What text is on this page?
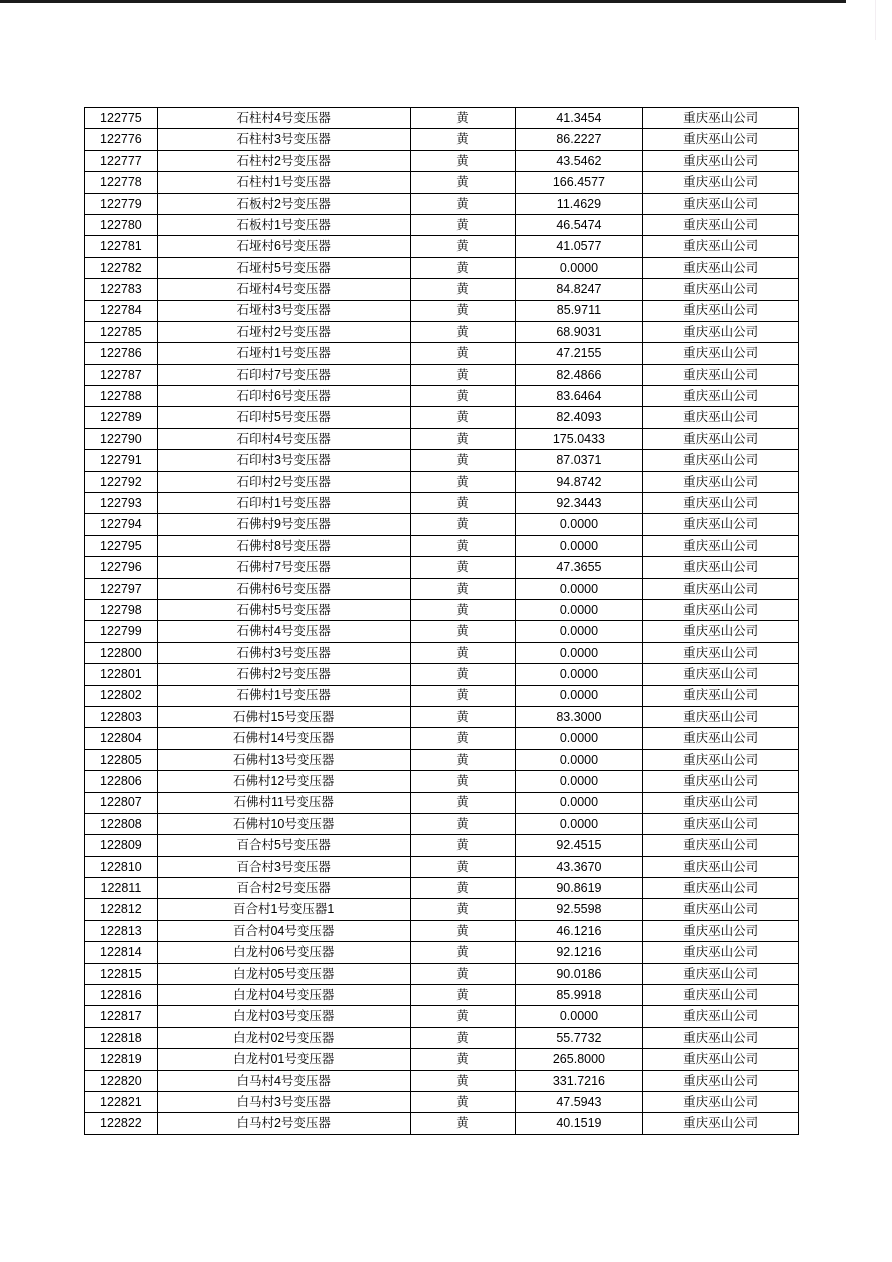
122775	石柱村4号变压器	黄	41.3454	重庆巫山公司
122776	石柱村3号变压器	黄	86.2227	重庆巫山公司
122777	石柱村2号变压器	黄	43.5462	重庆巫山公司
122778	石柱村1号变压器	黄	166.4577	重庆巫山公司
122779	石板村2号变压器	黄	11.4629	重庆巫山公司
122780	石板村1号变压器	黄	46.5474	重庆巫山公司
122781	石垭村6号变压器	黄	41.0577	重庆巫山公司
122782	石垭村5号变压器	黄	0.0000	重庆巫山公司
122783	石垭村4号变压器	黄	84.8247	重庆巫山公司
122784	石垭村3号变压器	黄	85.9711	重庆巫山公司
122785	石垭村2号变压器	黄	68.9031	重庆巫山公司
122786	石垭村1号变压器	黄	47.2155	重庆巫山公司
122787	石印村7号变压器	黄	82.4866	重庆巫山公司
122788	石印村6号变压器	黄	83.6464	重庆巫山公司
122789	石印村5号变压器	黄	82.4093	重庆巫山公司
122790	石印村4号变压器	黄	175.0433	重庆巫山公司
122791	石印村3号变压器	黄	87.0371	重庆巫山公司
122792	石印村2号变压器	黄	94.8742	重庆巫山公司
122793	石印村1号变压器	黄	92.3443	重庆巫山公司
122794	石佛村9号变压器	黄	0.0000	重庆巫山公司
122795	石佛村8号变压器	黄	0.0000	重庆巫山公司
122796	石佛村7号变压器	黄	47.3655	重庆巫山公司
122797	石佛村6号变压器	黄	0.0000	重庆巫山公司
122798	石佛村5号变压器	黄	0.0000	重庆巫山公司
122799	石佛村4号变压器	黄	0.0000	重庆巫山公司
122800	石佛村3号变压器	黄	0.0000	重庆巫山公司
122801	石佛村2号变压器	黄	0.0000	重庆巫山公司
122802	石佛村1号变压器	黄	0.0000	重庆巫山公司
122803	石佛村15号变压器	黄	83.3000	重庆巫山公司
122804	石佛村14号变压器	黄	0.0000	重庆巫山公司
122805	石佛村13号变压器	黄	0.0000	重庆巫山公司
122806	石佛村12号变压器	黄	0.0000	重庆巫山公司
122807	石佛村11号变压器	黄	0.0000	重庆巫山公司
122808	石佛村10号变压器	黄	0.0000	重庆巫山公司
122809	百合村5号变压器	黄	92.4515	重庆巫山公司
122810	百合村3号变压器	黄	43.3670	重庆巫山公司
122811	百合村2号变压器	黄	90.8619	重庆巫山公司
122812	百合村1号变压器1	黄	92.5598	重庆巫山公司
122813	百合村04号变压器	黄	46.1216	重庆巫山公司
122814	白龙村06号变压器	黄	92.1216	重庆巫山公司
122815	白龙村05号变压器	黄	90.0186	重庆巫山公司
122816	白龙村04号变压器	黄	85.9918	重庆巫山公司
122817	白龙村03号变压器	黄	0.0000	重庆巫山公司
122818	白龙村02号变压器	黄	55.7732	重庆巫山公司
122819	白龙村01号变压器	黄	265.8000	重庆巫山公司
122820	白马村4号变压器	黄	331.7216	重庆巫山公司
122821	白马村3号变压器	黄	47.5943	重庆巫山公司
122822	白马村2号变压器	黄	40.1519	重庆巫山公司
